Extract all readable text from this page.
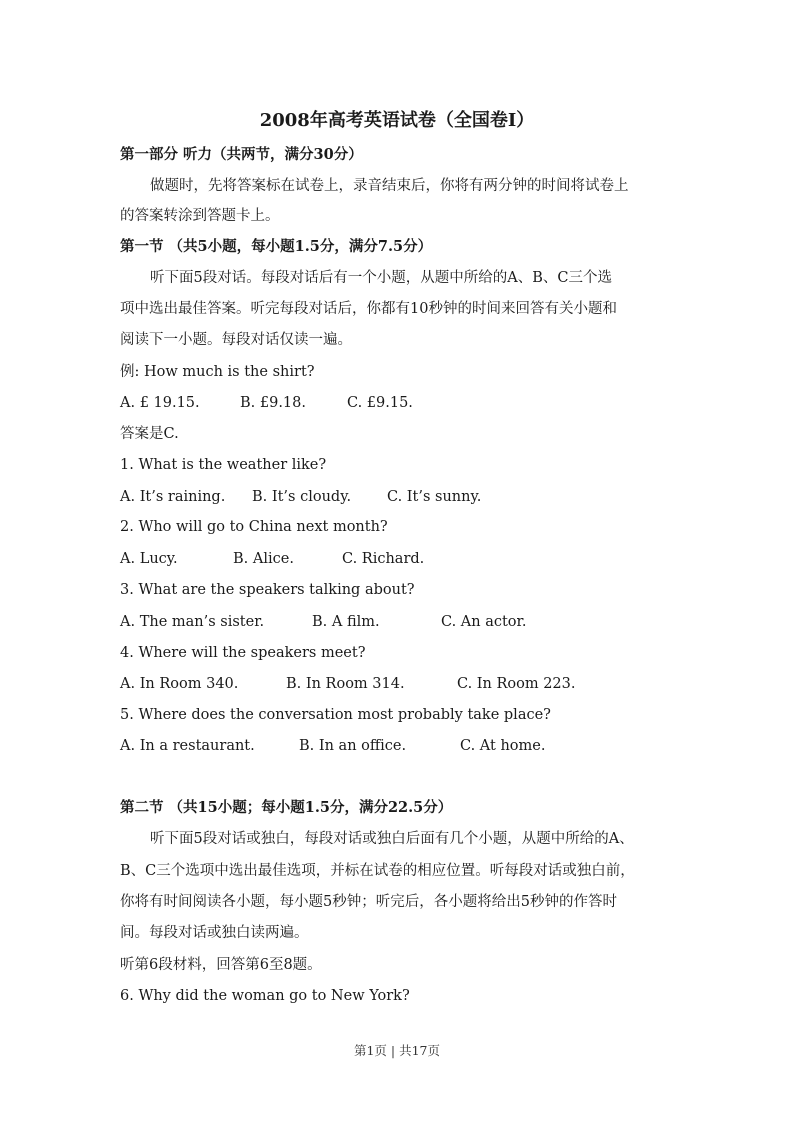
2008年高考英语试卷（全国卷Ⅰ）
第一部分 听力（共两节，满分30分）
做题时，先将答案标在试卷上，录音结束后，你将有两分钟的时间将试卷上
的答案转涂到答题卡上。
第一节 （共5小题，每小题1.5分，满分7.5分）
听下面5段对话。每段对话后有一个小题，从题中所给的A、B、C三个选
项中选出最佳答案。听完每段对话后，你都有10秒钟的时间来回答有关小题和
阅读下一小题。每段对话仅读一遍。
例: How much is the shirt?
A. £ 19.15.	B. £9.18.	C. £9.15.
答案是C.
1. What is the weather like?
A. It’s raining. B. It’s cloudy. C. It’s sunny.
2. Who will go to China next month?
A. Lucy.	B. Alice.	C. Richard.
3. What are the speakers talking about?
A. The man’s sister.	B. A film.	C. An actor.
4. Where will the speakers meet?
A. In Room 340.	B. In Room 314.	C. In Room 223.
5. Where does the conversation most probably take place?
A. In a restaurant.	B. In an office.	C. At home.
第二节 （共15小题；每小题1.5分，满分22.5分）
听下面5段对话或独白，每段对话或独白后面有几个小题，从题中所给的A、
B、C三个选项中选出最佳选项，并标在试卷的相应位置。听每段对话或独白前，
你将有时间阅读各小题，每小题5秒钟；听完后，各小题将给出5秒钟的作答时
间。每段对话或独白读两遍。
听第6段材料，回答第6至8题。
6. Why did the woman go to New York?
第1页 | 共17页
